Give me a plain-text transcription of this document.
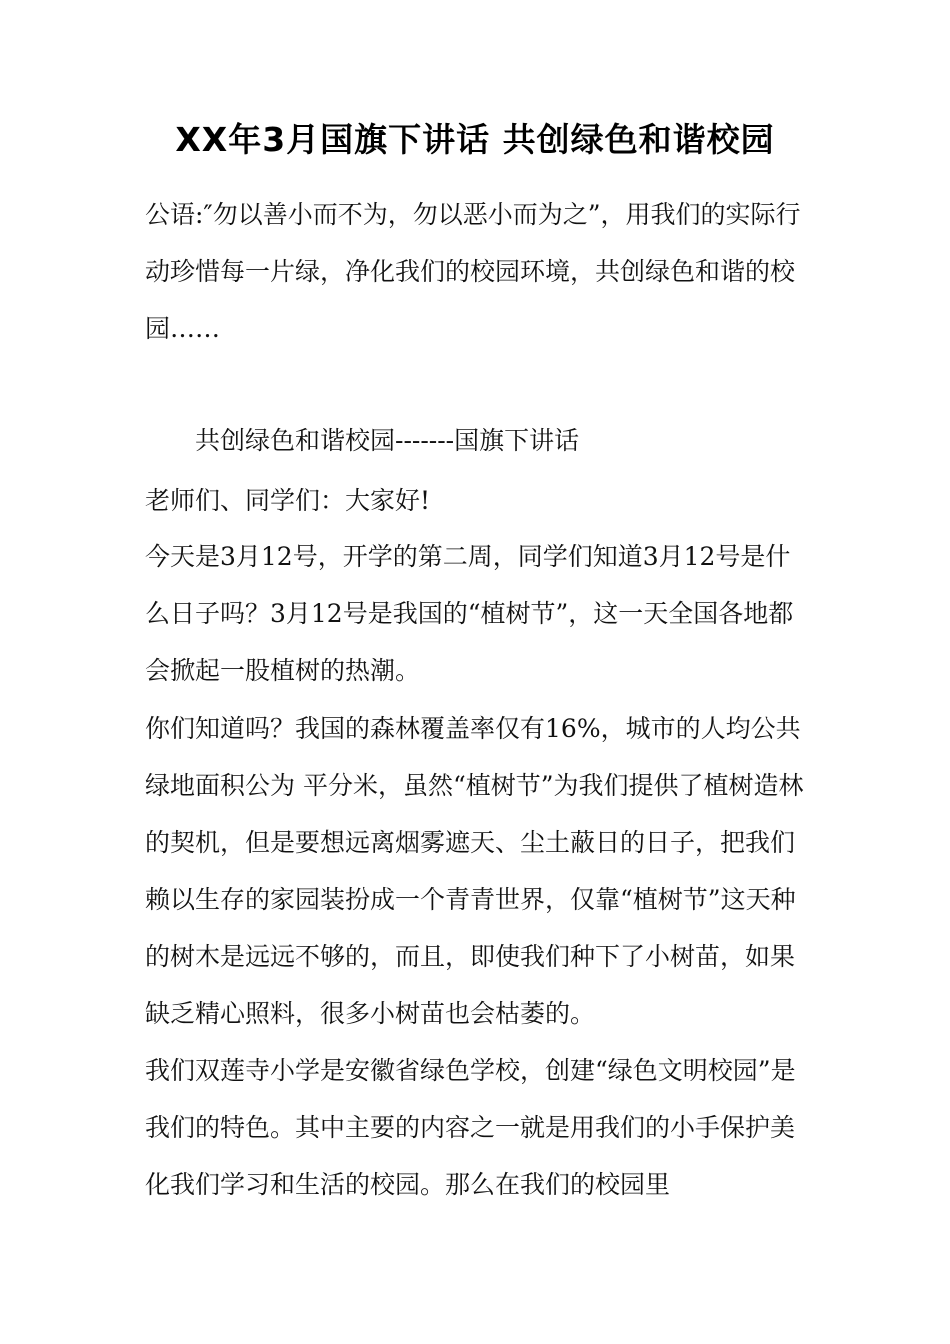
XX年3月国旗下讲话 共创绿色和谐校园

公语:″勿以善小而不为，勿以恶小而为之”，用我们的实际行动珍惜每一片绿，净化我们的校园环境，共创绿色和谐的校园……

共创绿色和谐校园-------国旗下讲话

老师们、同学们：大家好!

今天是3月12号，开学的第二周，同学们知道3月12号是什么日子吗？3月12号是我国的“植树节”，这一天全国各地都会掀起一股植树的热潮。

你们知道吗？我国的森林覆盖率仅有16%，城市的人均公共绿地面积公为 平分米，虽然“植树节”为我们提供了植树造林的契机，但是要想远离烟雾遮天、尘土蔽日的日子，把我们赖以生存的家园装扮成一个青青世界，仅靠“植树节”这天种的树木是远远不够的，而且，即使我们种下了小树苗，如果缺乏精心照料，很多小树苗也会枯萎的。

我们双莲寺小学是安徽省绿色学校，创建“绿色文明校园”是我们的特色。其中主要的内容之一就是用我们的小手保护美化我们学习和生活的校园。那么在我们的校园里
